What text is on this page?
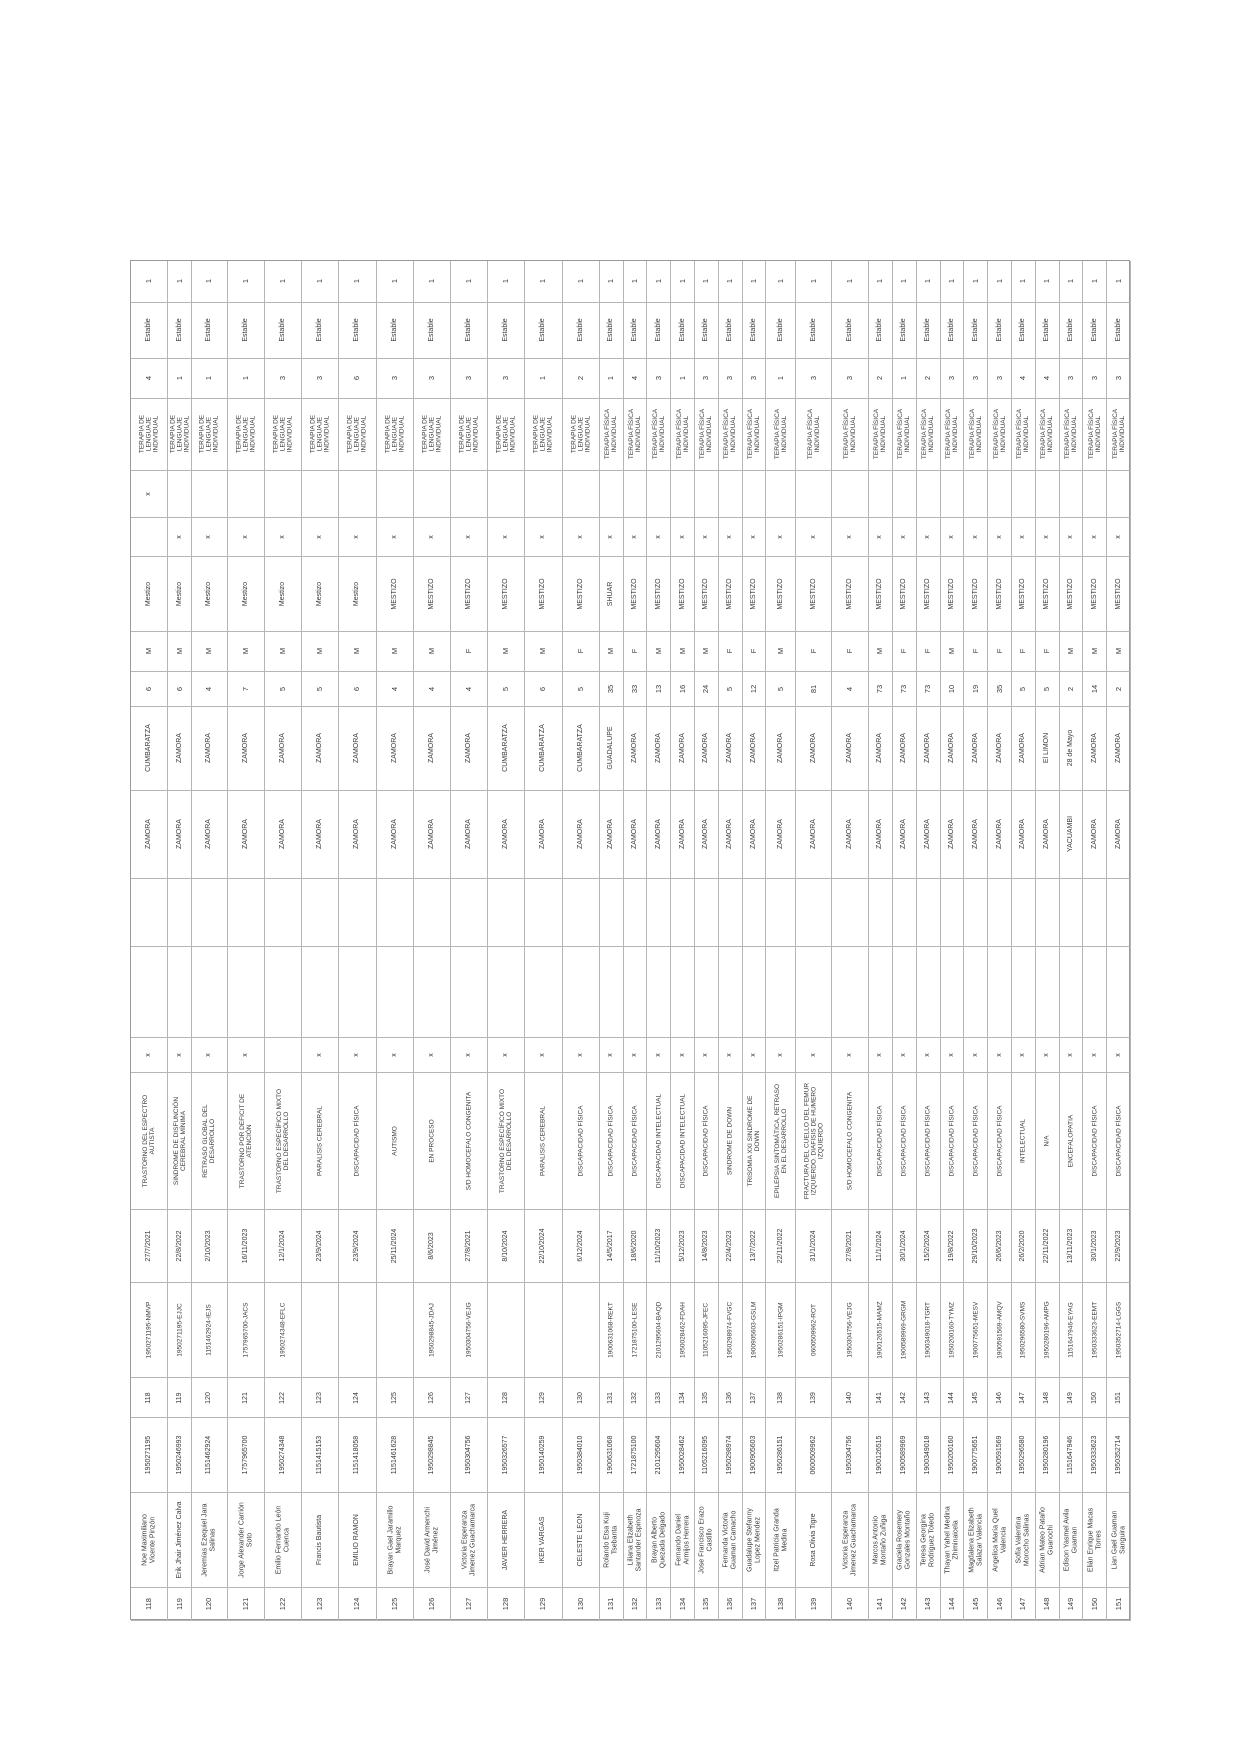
118
Noe Maximiliano
Vicente Pinzón
1950271195
118
1950271195-NMVP
27/7/2021
TRASTORNO DEL ESPECTRO
AUTISTA
x
ZAMORA
CUMBARATZA
6
M
Mestizo
x
TERAPIA DE
LENGUAJE
INDIVIDUAL
4
Estable
1
119
Erik Jhair Jiménez Calva
1950246993
119
1950271195-EJJC
22/8/2022
SINDROME DE DISFUNCIÓN
CEREBRAL MÍNIMA
x
ZAMORA
ZAMORA
6
M
Mestizo
x
TERAPIA DE
LENGUAJE
INDIVIDUAL
1
Estable
1
120
Jeremías Ezequiel Jara
Salinas
1151462924
120
1151462924-IEJS
2/10/2023
RETRASO GLOBAL DEL
DESARROLLO
x
ZAMORA
ZAMORA
4
M
Mestizo
x
TERAPIA DE
LENGUAJE
INDIVIDUAL
1
Estable
1
121
Jorge Alexander Carrión
Soto
1757965700
121
1757965700-JACS
16/11/2023
TRASTORNO POR DEFICIT DE
ATENCIÓN
x
ZAMORA
ZAMORA
7
M
Mestizo
x
TERAPIA DE
LENGUAJE
INDIVIDUAL
1
Estable
1
122
Emilio Fernando León
Cuenca
1950274348
122
1950274348-EFLC
12/1/2024
TRASTORNO ESPECÍFICO MIXTO
DEL DESARROLLO
ZAMORA
ZAMORA
5
M
Mestizo
x
TERAPIA DE
LENGUAJE
INDIVIDUAL
3
Estable
1
123
Francis Bautista
1151415153
123
23/9/2024
PARALISIS CEREBRAL
x
ZAMORA
ZAMORA
5
M
Mestizo
x
TERAPIA DE
LENGUAJE
INDIVIDUAL
3
Estable
1
124
EMILIO RAMON
1151418058
124
23/9/2024
DISCAPACIDAD FÍSICA
x
ZAMORA
ZAMORA
6
M
Mestizo
x
TERAPIA DE
LENGUAJE
INDIVIDUAL
6
Estable
1
125
Brayan Gael Jaramillo
Marquez
1151461628
125
25/11/2024
AUTISMO
x
ZAMORA
ZAMORA
4
M
MESTIZO
x
TERAPIA DE
LENGUAJE
INDIVIDUAL
3
Estable
1
126
José David Armenchi
Jiménez
1950298845
126
1950298845-JDAJ
8/6/2023
EN PROCESO
x
ZAMORA
ZAMORA
4
M
MESTIZO
x
TERAPIA DE
LENGUAJE
INDIVIDUAL
3
Estable
1
127
Victoria Esperanza
Jimenez Guachamarca
1950304756
127
1950304756-VEJG
27/8/2021
S/D HOMOCEFALO CONGENITA
x
ZAMORA
ZAMORA
4
F
MESTIZO
x
TERAPIA DE
LENGUAJE
INDIVIDUAL
3
Estable
1
128
JAVIER HERRERA
1950326577
128
8/10/2024
TRASTORNO ESPECÍFICO MIXTO
DEL DESARROLLO
x
ZAMORA
CUMBARATZA
5
M
MESTIZO
x
TERAPIA DE
LENGUAJE
INDIVIDUAL
3
Estable
1
129
IKER VARGAS
1950140259
129
22/10/2024
PARALISIS CEREBRAL
x
ZAMORA
CUMBARATZA
6
M
MESTIZO
x
TERAPIA DE
LENGUAJE
INDIVIDUAL
1
Estable
1
130
CELESTE LEON
1950384010
130
6/12/2024
DISCAPACIDAD FÍSICA
x
ZAMORA
CUMBARATZA
5
F
MESTIZO
x
TERAPIA DE
LENGUAJE
INDIVIDUAL
2
Estable
1
131
Rolando Etsa Kuji
Tsebanta
1900631068
131
1900631068-REKT
14/5/2017
DISCAPACIDAD FÍSICA
x
ZAMORA
GUADALUPE
35
M
SHUAR
x
TERAPIA FÍSICA
INDIVIDUAL
1
Estable
1
132
Liliana Elizabeth
Santander Espinoza
1721875100
132
1721875100-LESE
18/6/2020
DISCAPACIDAD FÍSICA
x
ZAMORA
ZAMORA
33
F
MESTIZO
x
TERAPIA FÍSICA
INDIVIDUAL
4
Estable
1
133
Brayan Alberto
Quezada Delgado
2101295604
133
2101295604-BAQD
11/10/2023
DISCAPACIDAD INTELECTUAL
x
ZAMORA
ZAMORA
13
M
MESTIZO
x
TERAPIA FÍSICA
INDIVIDUAL
3
Estable
1
134
Fernando Daniel
Armijos Herrera
1950028462
134
1950028462-FDAH
5/12/2023
DISCAPACIDAD INTELECTUAL
x
ZAMORA
ZAMORA
16
M
MESTIZO
x
TERAPIA FÍSICA
INDIVIDUAL
1
Estable
1
135
Jose Francisco Erazo
Castillo
1105216095
135
1105216095-JFEC
14/8/2023
DISCAPACIDAD FÍSICA
x
ZAMORA
ZAMORA
24
M
MESTIZO
x
TERAPIA FÍSICA
INDIVIDUAL
3
Estable
1
136
Fernanda Victoria
Guaman Camacho
1950298974
136
1950298974-FVGC
22/4/2023
SINDROME DE DOWN
x
ZAMORA
ZAMORA
5
F
MESTIZO
x
TERAPIA FÍSICA
INDIVIDUAL
3
Estable
1
137
Guadalupe Stefanny
Lopez Mendez
1900905603
137
1900905603-GSLM
13/7/2022
TRISOMIA XXI SINDROME DE
DOWN
x
ZAMORA
ZAMORA
12
F
MESTIZO
x
TERAPIA FÍSICA
INDIVIDUAL
3
Estable
1
138
Itzel Patricia Granda
Medina
1950286151
138
1950286151-IPGM
22/11/2022
EPILEPSIA SINTOMÁTICA, RETRASO
EN EL DESARROLLO
x
ZAMORA
ZAMORA
5
M
MESTIZO
x
TERAPIA FÍSICA
INDIVIDUAL
1
Estable
1
139
Rosa Olivia Tigre
0600509962
139
0600509962-ROT
31/1/2024
FRACTURA DEL CUELLO DEL FEMUR
IZQUIERDO. DIAFISIS DE HUMERO
IZQUIERDO
x
ZAMORA
ZAMORA
81
F
MESTIZO
x
TERAPIA FÍSICA
INDIVIDUAL
3
Estable
1
140
Victoria Esperanza
Jimenez Guachamarca
1950304756
140
1950304756-VEJG
27/8/2021
S/D HOMOCEFALO CONGENITA
x
ZAMORA
ZAMORA
4
F
MESTIZO
x
TERAPIA FÍSICA
INDIVIDUAL
3
Estable
1
141
Marcos Antonio
Montaño Zuñiga
1900126515
141
1900126515-MAMZ
11/1/2024
DISCAPACIDAD FÍSICA
x
ZAMORA
ZAMORA
73
M
MESTIZO
x
TERAPIA FÍSICA
INDIVIDUAL
2
Estable
1
142
Graciela Rosemery
Gonzales Montaño
1900589969
142
1900589969-GRGM
30/1/2024
DISCAPACIDAD FÍSICA
x
ZAMORA
ZAMORA
73
F
MESTIZO
x
TERAPIA FÍSICA
INDIVIDUAL
1
Estable
1
143
Teresa Georgina
Rodriguez Toledo
1900349018
143
1900349018-TGRT
15/2/2024
DISCAPACIDAD FÍSICA
x
ZAMORA
ZAMORA
73
F
MESTIZO
x
TERAPIA FÍSICA
INDIVIDUAL
2
Estable
1
144
Thayan Yahel Medina
Zhiminaicela
1950200160
144
1950200160-TYMZ
19/8/2022
DISCAPACIDAD FÍSICA
x
ZAMORA
ZAMORA
10
M
MESTIZO
x
TERAPIA FÍSICA
INDIVIDUAL
3
Estable
1
145
Magdalena Elizabeth
Salazar Valencia
1900775651
145
1900775651-MESV
29/10/2023
DISCAPACIDAD FÍSICA
x
ZAMORA
ZAMORA
19
F
MESTIZO
x
TERAPIA FÍSICA
INDIVIDUAL
3
Estable
1
146
Angelica María Quel
Valencia
1900591569
146
1900591569-AMQV
26/6/2023
DISCAPACIDAD FÍSICA
x
ZAMORA
ZAMORA
35
F
MESTIZO
x
TERAPIA FÍSICA
INDIVIDUAL
3
Estable
1
147
Sofía Valentina
Morocho Salinas
1950296580
147
1950296580-SVMS
26/2/2020
INTELECTUAL
x
ZAMORA
ZAMORA
5
F
MESTIZO
x
TERAPIA FÍSICA
INDIVIDUAL
4
Estable
1
148
Adrian Mateo Pataño
Guanochi
1950280196
148
1950280196-AMPG
22/11/2022
N/A
x
ZAMORA
El LIMON
5
F
MESTIZO
x
TERAPIA FÍSICA
INDIVIDUAL
4
Estable
1
149
Edison Yasmel Avila
Guaman
1151647946
149
1151647946-EYAG
13/11/2023
ENCEFALOPATIA
x
YACUAMBI
28 de Mayo
2
M
MESTIZO
x
TERAPIA FÍSICA
INDIVIDUAL
3
Estable
1
150
Elián Enrique Macas
Torres
1950333623
150
1950333623-EEMT
30/1/2023
DISCAPACIDAD FÍSICA
x
ZAMORA
ZAMORA
14
M
MESTIZO
x
TERAPIA FÍSICA
INDIVIDUAL
3
Estable
1
151
Lian Gael Guaman
Sanguira
1950352714
151
1950352714-LGGS
22/9/2023
DISCAPACIDAD FÍSICA
x
ZAMORA
ZAMORA
2
M
MESTIZO
x
TERAPIA FÍSICA
INDIVIDUAL
3
Estable
1
